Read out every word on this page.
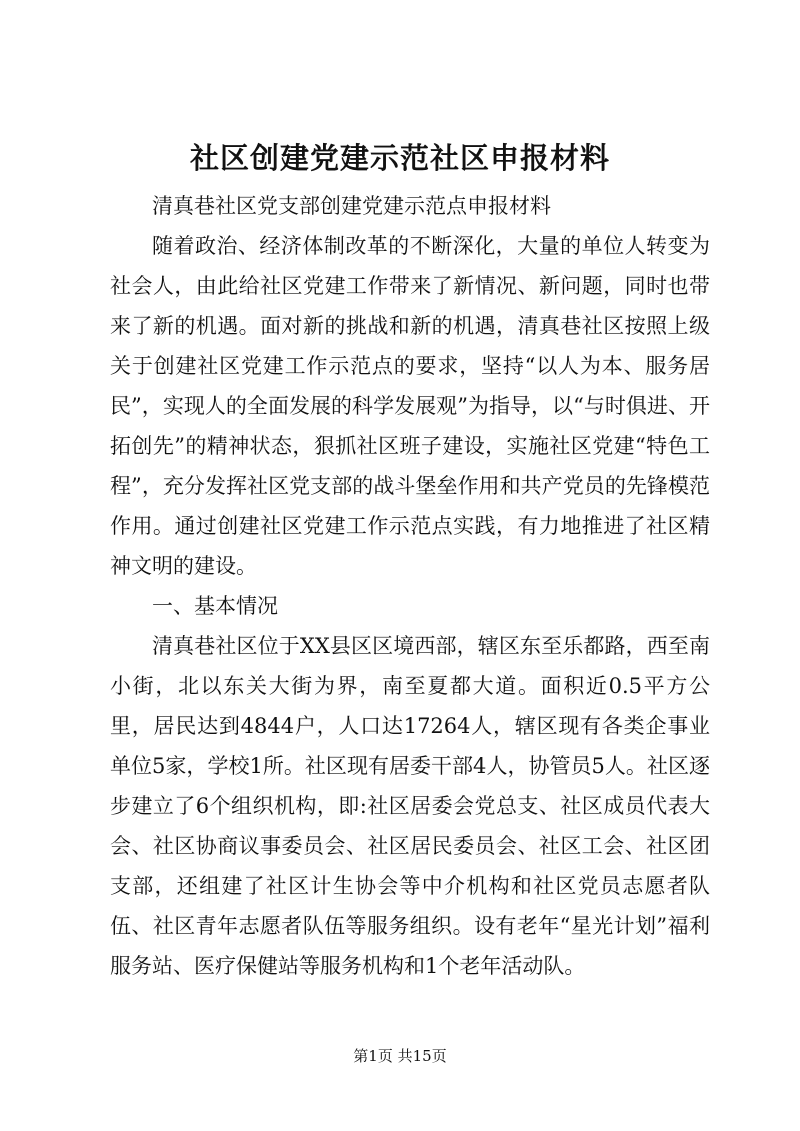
社区创建党建示范社区申报材料

清真巷社区党支部创建党建示范点申报材料

随着政治、经济体制改革的不断深化，大量的单位人转变为社会人，由此给社区党建工作带来了新情况、新问题，同时也带来了新的机遇。面对新的挑战和新的机遇，清真巷社区按照上级关于创建社区党建工作示范点的要求，坚持“以人为本、服务居民”，实现人的全面发展的科学发展观”为指导，以“与时俱进、开拓创先”的精神状态，狠抓社区班子建设，实施社区党建“特色工程”，充分发挥社区党支部的战斗堡垒作用和共产党员的先锋模范作用。通过创建社区党建工作示范点实践，有力地推进了社区精神文明的建设。

一、基本情况

清真巷社区位于XX县区区境西部，辖区东至乐都路，西至南小街，北以东关大街为界，南至夏都大道。面积近0.5平方公里，居民达到4844户，人口达17264人，辖区现有各类企事业单位5家，学校1所。社区现有居委干部4人，协管员5人。社区逐步建立了6个组织机构，即:社区居委会党总支、社区成员代表大会、社区协商议事委员会、社区居民委员会、社区工会、社区团支部，还组建了社区计生协会等中介机构和社区党员志愿者队伍、社区青年志愿者队伍等服务组织。设有老年“星光计划”福利服务站、医疗保健站等服务机构和1个老年活动队。

第1页 共15页
